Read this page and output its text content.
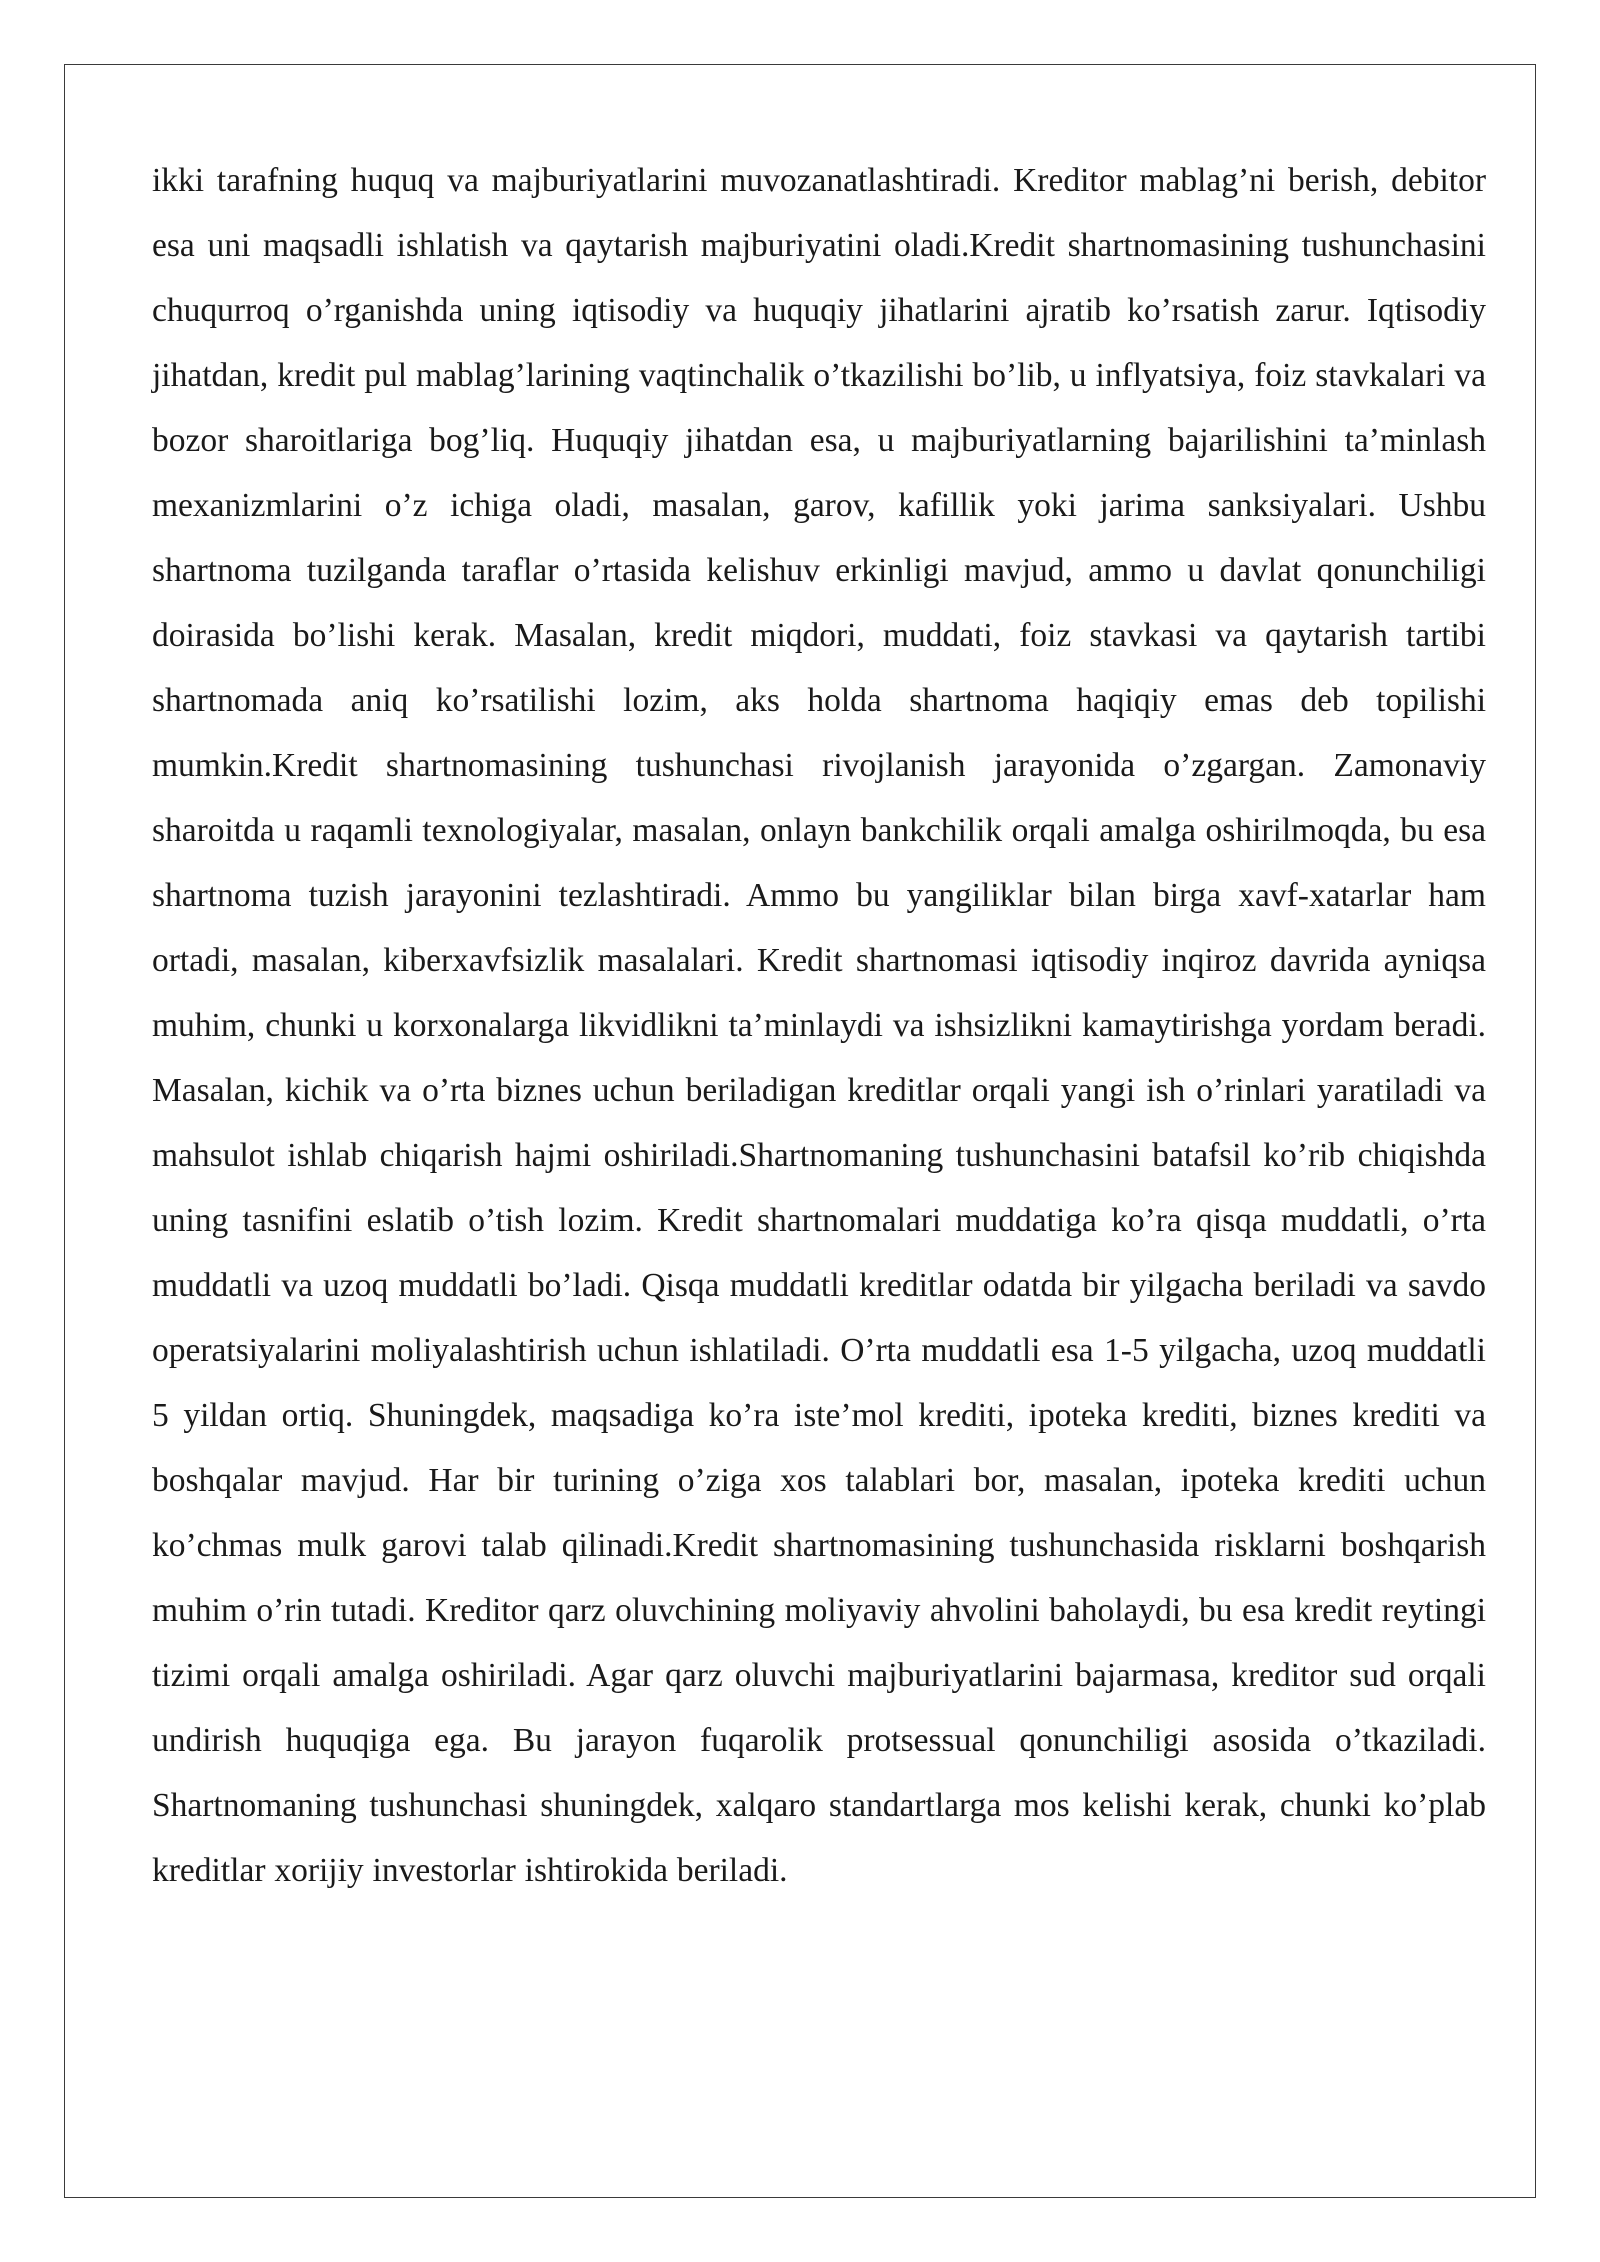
ikki tarafning huquq va majburiyatlarini muvozanatlashtiradi. Kreditor mablag’ni berish, debitor esa uni maqsadli ishlatish va qaytarish majburiyatini oladi.Kredit shartnomasining tushunchasini chuqurroq o’rganishda uning iqtisodiy va huquqiy jihatlarini ajratib ko’rsatish zarur. Iqtisodiy jihatdan, kredit pul mablag’larining vaqtinchalik o’tkazilishi bo’lib, u inflyatsiya, foiz stavkalari va bozor sharoitlariga bog’liq. Huquqiy jihatdan esa, u majburiyatlarning bajarilishini ta’minlash mexanizmlarini o’z ichiga oladi, masalan, garov, kafillik yoki jarima sanksiyalari. Ushbu shartnoma tuzilganda taraflar o’rtasida kelishuv erkinligi mavjud, ammo u davlat qonunchiligi doirasida bo’lishi kerak. Masalan, kredit miqdori, muddati, foiz stavkasi va qaytarish tartibi shartnomada aniq ko’rsatilishi lozim, aks holda shartnoma haqiqiy emas deb topilishi mumkin.Kredit shartnomasining tushunchasi rivojlanish jarayonida o’zgargan. Zamonaviy sharoitda u raqamli texnologiyalar, masalan, onlayn bankchilik orqali amalga oshirilmoqda, bu esa shartnoma tuzish jarayonini tezlashtiradi. Ammo bu yangiliklar bilan birga xavf-xatarlar ham ortadi, masalan, kiberxavfsizlik masalalari. Kredit shartnomasi iqtisodiy inqiroz davrida ayniqsa muhim, chunki u korxonalarga likvidlikni ta’minlaydi va ishsizlikni kamaytirishga yordam beradi. Masalan, kichik va o’rta biznes uchun beriladigan kreditlar orqali yangi ish o’rinlari yaratiladi va mahsulot ishlab chiqarish hajmi oshiriladi.Shartnomaning tushunchasini batafsil ko’rib chiqishda uning tasnifini eslatib o’tish lozim. Kredit shartnomalari muddatiga ko’ra qisqa muddatli, o’rta muddatli va uzoq muddatli bo’ladi. Qisqa muddatli kreditlar odatda bir yilgacha beriladi va savdo operatsiyalarini moliyalashtirish uchun ishlatiladi. O’rta muddatli esa 1-5 yilgacha, uzoq muddatli 5 yildan ortiq. Shuningdek, maqsadiga ko’ra iste’mol krediti, ipoteka krediti, biznes krediti va boshqalar mavjud. Har bir turining o’ziga xos talablari bor, masalan, ipoteka krediti uchun ko’chmas mulk garovi talab qilinadi.Kredit shartnomasining tushunchasida risklarni boshqarish muhim o’rin tutadi. Kreditor qarz oluvchining moliyaviy ahvolini baholaydi, bu esa kredit reytingi tizimi orqali amalga oshiriladi. Agar qarz oluvchi majburiyatlarini bajarmasa, kreditor sud orqali undirish huquqiga ega. Bu jarayon fuqarolik protsessual qonunchiligi asosida o’tkaziladi. Shartnomaning tushunchasi shuningdek, xalqaro standartlarga mos kelishi kerak, chunki ko’plab kreditlar xorijiy investorlar ishtirokida beriladi.
